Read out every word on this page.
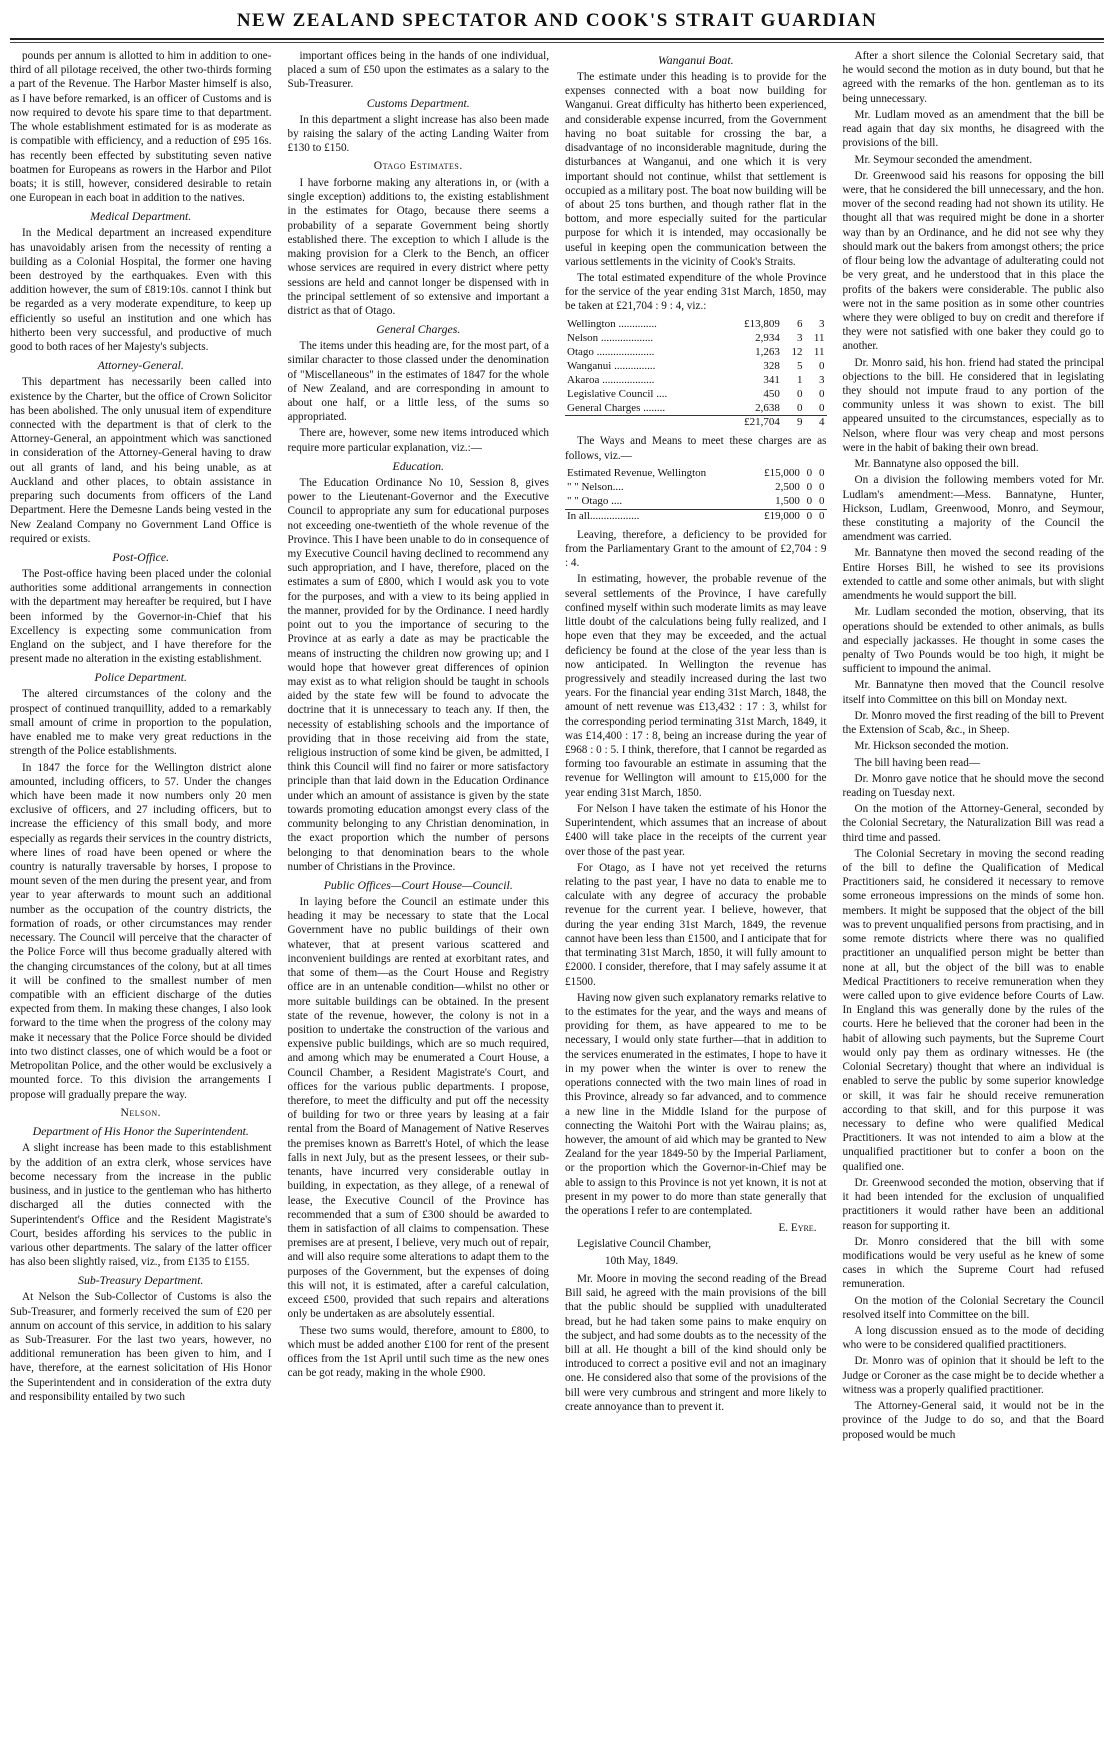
NEW ZEALAND SPECTATOR AND COOK'S STRAIT GUARDIAN

pounds per annum is allotted to him in addition to one-third of all pilotage received, the other two-thirds forming a part of the Revenue. The Harbor Master himself is also, as I have before remarked, is an officer of Customs and is now required to devote his spare time to that department. The whole establishment estimated for is as moderate as is compatible with efficiency, and a reduction of £95 16s. has recently been effected by substituting seven native boatmen for Europeans as rowers in the Harbor and Pilot boats; it is still, however, considered desirable to retain one European in each boat in addition to the natives.

Medical Department.

In the Medical department an increased expenditure has unavoidably arisen from the necessity of renting a building as a Colonial Hospital, the former one having been destroyed by the earthquakes. Even with this addition however, the sum of £819:10s. cannot I think but be regarded as a very moderate expenditure, to keep up efficiently so useful an institution and one which has hitherto been very successful, and productive of much good to both races of her Majesty's subjects.

Attorney-General.

This department has necessarily been called into existence by the Charter, but the office of Crown Solicitor has been abolished. The only unusual item of expenditure connected with the department is that of clerk to the Attorney-General, an appointment which was sanctioned in consideration of the Attorney-General having to draw out all grants of land, and his being unable, as at Auckland and other places, to obtain assistance in preparing such documents from officers of the Land Department. Here the Demesne Lands being vested in the New Zealand Company no Government Land Office is required or exists.

Post-Office.

The Post-office having been placed under the colonial authorities some additional arrangements in connection with the department may hereafter be required, but I have been informed by the Governor-in-Chief that his Excellency is expecting some communication from England on the subject, and I have therefore for the present made no alteration in the existing establishment.

Police Department.

The altered circumstances of the colony and the prospect of continued tranquillity, added to a remarkably small amount of crime in proportion to the population, have enabled me to make very great reductions in the strength of the Police establishments.

In 1847 the force for the Wellington district alone amounted, including officers, to 57. Under the changes which have been made it now numbers only 20 men exclusive of officers, and 27 including officers, but to increase the efficiency of this small body, and more especially as regards their services in the country districts, where lines of road have been opened or where the country is naturally traversable by horses, I propose to mount seven of the men during the present year, and from year to year afterwards to mount such an additional number as the occupation of the country districts, the formation of roads, or other circumstances may render necessary. The Council will perceive that the character of the Police Force will thus become gradually altered with the changing circumstances of the colony, but at all times it will be confined to the smallest number of men compatible with an efficient discharge of the duties expected from them. In making these changes, I also look forward to the time when the progress of the colony may make it necessary that the Police Force should be divided into two distinct classes, one of which would be a foot or Metropolitan Police, and the other would be exclusively a mounted force. To this division the arrangements I propose will gradually prepare the way.

Nelson.
Department of His Honor the Superintendent.

A slight increase has been made to this establishment by the addition of an extra clerk, whose services have become necessary from the increase in the public business, and in justice to the gentleman who has hitherto discharged all the duties connected with the Superintendent's Office and the Resident Magistrate's Court, besides affording his services to the public in various other departments. The salary of the latter officer has also been slightly raised, viz., from £135 to £155.

Sub-Treasury Department.

At Nelson the Sub-Collector of Customs is also the Sub-Treasurer, and formerly received the sum of £20 per annum on account of this service, in addition to his salary as Sub-Treasurer. For the last two years, however, no additional remuneration has been given to him, and I have, therefore, at the earnest solicitation of His Honor the Superintendent and in consideration of the extra duty and responsibility entailed by two such

important offices being in the hands of one individual, placed a sum of £50 upon the estimates as a salary to the Sub-Treasurer.

Customs Department.

In this department a slight increase has also been made by raising the salary of the acting Landing Waiter from £130 to £150.

Otago Estimates.

I have forborne making any alterations in, or (with a single exception) additions to, the existing establishment in the estimates for Otago, because there seems a probability of a separate Government being shortly established there. The exception to which I allude is the making provision for a Clerk to the Bench, an officer whose services are required in every district where petty sessions are held and cannot longer be dispensed with in the principal settlement of so extensive and important a district as that of Otago.

General Charges.

The items under this heading are, for the most part, of a similar character to those classed under the denomination of "Miscellaneous" in the estimates of 1847 for the whole of New Zealand, and are corresponding in amount to about one half, or a little less, of the sums so appropriated.

There are, however, some new items introduced which require more particular explanation, viz.:—

Education.

The Education Ordinance No 10, Session 8, gives power to the Lieutenant-Governor and the Executive Council to appropriate any sum for educational purposes not exceeding one-twentieth of the whole revenue of the Province. This I have been unable to do in consequence of my Executive Council having declined to recommend any such appropriation, and I have, therefore, placed on the estimates a sum of £800, which I would ask you to vote for the purposes, and with a view to its being applied in the manner, provided for by the Ordinance. I need hardly point out to you the importance of securing to the Province at as early a date as may be practicable the means of instructing the children now growing up; and I would hope that however great differences of opinion may exist as to what religion should be taught in schools aided by the state few will be found to advocate the doctrine that it is unnecessary to teach any. If then, the necessity of establishing schools and the importance of providing that in those receiving aid from the state, religious instruction of some kind be given, be admitted, I think this Council will find no fairer or more satisfactory principle than that laid down in the Education Ordinance under which an amount of assistance is given by the state towards promoting education amongst every class of the community belonging to any Christian denomination, in the exact proportion which the number of persons belonging to that denomination bears to the whole number of Christians in the Province.

Public Offices—Court House—Council.

In laying before the Council an estimate under this heading it may be necessary to state that the Local Government have no public buildings of their own whatever, that at present various scattered and inconvenient buildings are rented at exorbitant rates, and that some of them—as the Court House and Registry office are in an untenable condition—whilst no other or more suitable buildings can be obtained. In the present state of the revenue, however, the colony is not in a position to undertake the construction of the various and expensive public buildings, which are so much required, and among which may be enumerated a Court House, a Council Chamber, a Resident Magistrate's Court, and offices for the various public departments. I propose, therefore, to meet the difficulty and put off the necessity of building for two or three years by leasing at a fair rental from the Board of Management of Native Reserves the premises known as Barrett's Hotel, of which the lease falls in next July, but as the present lessees, or their sub-tenants, have incurred very considerable outlay in building, in expectation, as they allege, of a renewal of lease, the Executive Council of the Province has recommended that a sum of £300 should be awarded to them in satisfaction of all claims to compensation. These premises are at present, I believe, very much out of repair, and will also require some alterations to adapt them to the purposes of the Government, but the expenses of doing this will not, it is estimated, after a careful calculation, exceed £500, provided that such repairs and alterations only be undertaken as are absolutely essential.

These two sums would, therefore, amount to £800, to which must be added another £100 for rent of the present offices from the 1st April until such time as the new ones can be got ready, making in the whole £900.

Wanganui Boat.

The estimate under this heading is to provide for the expenses connected with a boat now building for Wanganui. Great difficulty has hitherto been experienced, and considerable expense incurred, from the Government having no boat suitable for crossing the bar, a disadvantage of no inconsiderable magnitude, during the disturbances at Wanganui, and one which it is very important should not continue, whilst that settlement is occupied as a military post. The boat now building will be of about 25 tons burthen, and though rather flat in the bottom, and more especially suited for the particular purpose for which it is intended, may occasionally be useful in keeping open the communication between the various settlements in the vicinity of Cook's Straits.

The total estimated expenditure of the whole Province for the service of the year ending 31st March, 1850, may be taken at £21,704 : 9 : 4, viz.:

Wellington ..............	£13,809	6	3
Nelson ...................	2,934	3	11
Otago .....................	1,263	12	11
Wanganui ...............	328	5	0
Akaroa ...................	341	1	3
Legislative Council ....	450	0	0
General Charges ........	2,638	0	0
	£21,704	9	4

The Ways and Means to meet these charges are as follows, viz.—

Estimated Revenue, Wellington	£15,000	0	0
" " Nelson....	2,500	0	0
" " Otago ....	1,500	0	0
In all..................	£19,000	0	0

Leaving, therefore, a deficiency to be provided for from the Parliamentary Grant to the amount of £2,704 : 9 : 4.

In estimating, however, the probable revenue of the several settlements of the Province, I have carefully confined myself within such moderate limits as may leave little doubt of the calculations being fully realized, and I hope even that they may be exceeded, and the actual deficiency be found at the close of the year less than is now anticipated. In Wellington the revenue has progressively and steadily increased during the last two years. For the financial year ending 31st March, 1848, the amount of nett revenue was £13,432 : 17 : 3, whilst for the corresponding period terminating 31st March, 1849, it was £14,400 : 17 : 8, being an increase during the year of £968 : 0 : 5. I think, therefore, that I cannot be regarded as forming too favourable an estimate in assuming that the revenue for Wellington will amount to £15,000 for the year ending 31st March, 1850.

For Nelson I have taken the estimate of his Honor the Superintendent, which assumes that an increase of about £400 will take place in the receipts of the current year over those of the past year.

For Otago, as I have not yet received the returns relating to the past year, I have no data to enable me to calculate with any degree of accuracy the probable revenue for the current year. I believe, however, that during the year ending 31st March, 1849, the revenue cannot have been less than £1500, and I anticipate that for that terminating 31st March, 1850, it will fully amount to £2000. I consider, therefore, that I may safely assume it at £1500.

Having now given such explanatory remarks relative to to the estimates for the year, and the ways and means of providing for them, as have appeared to me to be necessary, I would only state further—that in addition to the services enumerated in the estimates, I hope to have it in my power when the winter is over to renew the operations connected with the two main lines of road in this Province, already so far advanced, and to commence a new line in the Middle Island for the purpose of connecting the Waitohi Port with the Wairau plains; as, however, the amount of aid which may be granted to New Zealand for the year 1849-50 by the Imperial Parliament, or the proportion which the Governor-in-Chief may be able to assign to this Province is not yet known, it is not at present in my power to do more than state generally that the operations I refer to are contemplated.

E. Eyre.
Legislative Council Chamber,
10th May, 1849.

Mr. Moore in moving the second reading of the Bread Bill said, he agreed with the main provisions of the bill that the public should be supplied with unadulterated bread, but he had taken some pains to make enquiry on the subject, and had some doubts as to the necessity of the bill at all. He thought a bill of the kind should only be introduced to correct a positive evil and not an imaginary one. He considered also that some of the provisions of the bill were very cumbrous and stringent and more likely to create annoyance than to prevent it.

After a short silence the Colonial Secretary said, that he would second the motion as in duty bound, but that he agreed with the remarks of the hon. gentleman as to its being unnecessary.

Mr. Ludlam moved as an amendment that the bill be read again that day six months, he disagreed with the provisions of the bill.

Mr. Seymour seconded the amendment.

Dr. Greenwood said his reasons for opposing the bill were, that he considered the bill unnecessary, and the hon. mover of the second reading had not shown its utility. He thought all that was required might be done in a shorter way than by an Ordinance, and he did not see why they should mark out the bakers from amongst others; the price of flour being low the advantage of adulterating could not be very great, and he understood that in this place the profits of the bakers were considerable. The public also were not in the same position as in some other countries where they were obliged to buy on credit and therefore if they were not satisfied with one baker they could go to another.

Dr. Monro said, his hon. friend had stated the principal objections to the bill. He considered that in legislating they should not impute fraud to any portion of the community unless it was shown to exist. The bill appeared unsuited to the circumstances, especially as to Nelson, where flour was very cheap and most persons were in the habit of baking their own bread.

Mr. Bannatyne also opposed the bill.

On a division the following members voted for Mr. Ludlam's amendment:—Mess. Bannatyne, Hunter, Hickson, Ludlam, Greenwood, Monro, and Seymour, these constituting a majority of the Council the amendment was carried.

Mr. Bannatyne then moved the second reading of the Entire Horses Bill, he wished to see its provisions extended to cattle and some other animals, but with slight amendments he would support the bill.

Mr. Ludlam seconded the motion, observing, that its operations should be extended to other animals, as bulls and especially jackasses. He thought in some cases the penalty of Two Pounds would be too high, it might be sufficient to impound the animal.

Mr. Bannatyne then moved that the Council resolve itself into Committee on this bill on Monday next.

Dr. Monro moved the first reading of the bill to Prevent the Extension of Scab, &c., in Sheep.

Mr. Hickson seconded the motion.

The bill having been read—

Dr. Monro gave notice that he should move the second reading on Tuesday next.

On the motion of the Attorney-General, seconded by the Colonial Secretary, the Naturalization Bill was read a third time and passed.

The Colonial Secretary in moving the second reading of the bill to define the Qualification of Medical Practitioners said, he considered it necessary to remove some erroneous impressions on the minds of some hon. members. It might be supposed that the object of the bill was to prevent unqualified persons from practising, and in some remote districts where there was no qualified practitioner an unqualified person might be better than none at all, but the object of the bill was to enable Medical Practitioners to receive remuneration when they were called upon to give evidence before Courts of Law. In England this was generally done by the rules of the courts. Here he believed that the coroner had been in the habit of allowing such payments, but the Supreme Court would only pay them as ordinary witnesses. He (the Colonial Secretary) thought that where an individual is enabled to serve the public by some superior knowledge or skill, it was fair he should receive remuneration according to that skill, and for this purpose it was necessary to define who were qualified Medical Practitioners. It was not intended to aim a blow at the unqualified practitioner but to confer a boon on the qualified one.

Dr. Greenwood seconded the motion, observing that if it had been intended for the exclusion of unqualified practitioners it would rather have been an additional reason for supporting it.

Dr. Monro considered that the bill with some modifications would be very useful as he knew of some cases in which the Supreme Court had refused remuneration.

On the motion of the Colonial Secretary the Council resolved itself into Committee on the bill.

A long discussion ensued as to the mode of deciding who were to be considered qualified practitioners.

Dr. Monro was of opinion that it should be left to the Judge or Coroner as the case might be to decide whether a witness was a properly qualified practitioner.

The Attorney-General said, it would not be in the province of the Judge to do so, and that the Board proposed would be much
